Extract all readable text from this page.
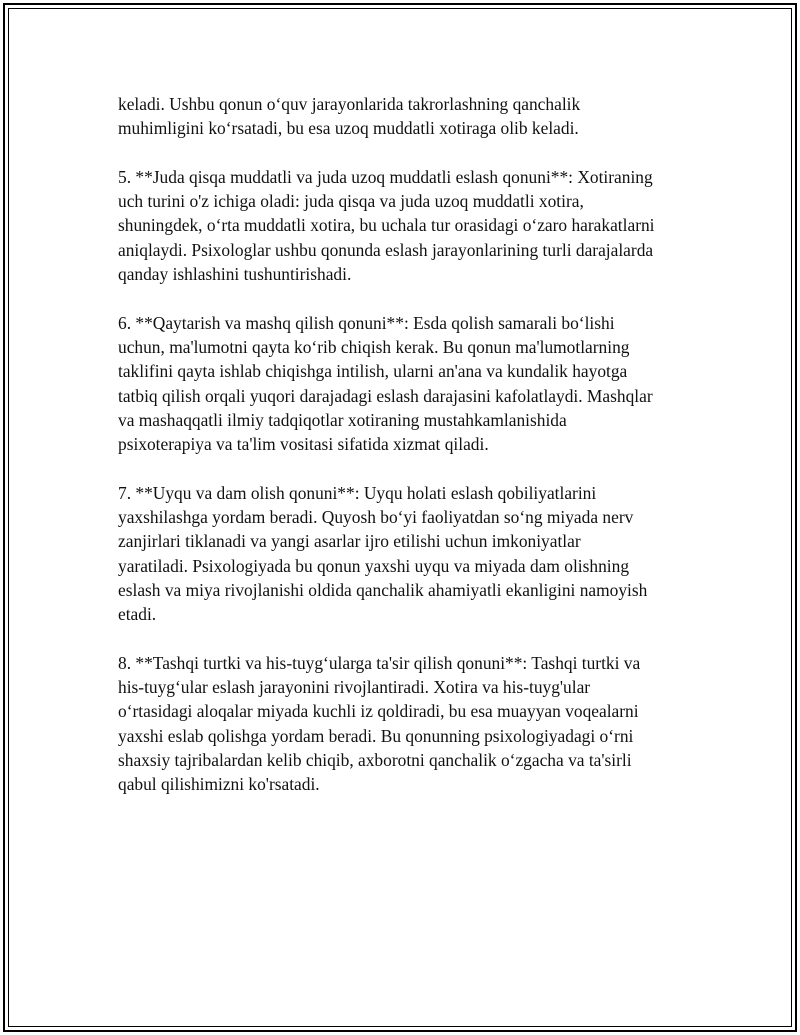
keladi. Ushbu qonun o‘quv jarayonlarida takrorlashning qanchalik
muhimligini ko‘rsatadi, bu esa uzoq muddatli xotiraga olib keladi.

5. **Juda qisqa muddatli va juda uzoq muddatli eslash qonuni**: Xotiraning
uch turini o'z ichiga oladi: juda qisqa va juda uzoq muddatli xotira,
shuningdek, o‘rta muddatli xotira, bu uchala tur orasidagi o‘zaro harakatlarni
aniqlaydi. Psixologlar ushbu qonunda eslash jarayonlarining turli darajalarda
qanday ishlashini tushuntirishadi.

6. **Qaytarish va mashq qilish qonuni**: Esda qolish samarali bo‘lishi
uchun, ma'lumotni qayta ko‘rib chiqish kerak. Bu qonun ma'lumotlarning
taklifini qayta ishlab chiqishga intilish, ularni an'ana va kundalik hayotga
tatbiq qilish orqali yuqori darajadagi eslash darajasini kafolatlaydi. Mashqlar
va mashaqqatli ilmiy tadqiqotlar xotiraning mustahkamlanishida
psixoterapiya va ta'lim vositasi sifatida xizmat qiladi.

7. **Uyqu va dam olish qonuni**: Uyqu holati eslash qobiliyatlarini
yaxshilashga yordam beradi. Quyosh bo‘yi faoliyatdan so‘ng miyada nerv
zanjirlari tiklanadi va yangi asarlar ijro etilishi uchun imkoniyatlar
yaratiladi. Psixologiyada bu qonun yaxshi uyqu va miyada dam olishning
eslash va miya rivojlanishi oldida qanchalik ahamiyatli ekanligini namoyish
etadi.

8. **Tashqi turtki va his-tuyg‘ularga ta'sir qilish qonuni**: Tashqi turtki va
his-tuyg‘ular eslash jarayonini rivojlantiradi. Xotira va his-tuyg'ular
o‘rtasidagi aloqalar miyada kuchli iz qoldiradi, bu esa muayyan voqealarni
yaxshi eslab qolishga yordam beradi. Bu qonunning psixologiyadagi o‘rni
shaxsiy tajribalardan kelib chiqib, axborotni qanchalik o‘zgacha va ta'sirli
qabul qilishimizni ko'rsatadi.
